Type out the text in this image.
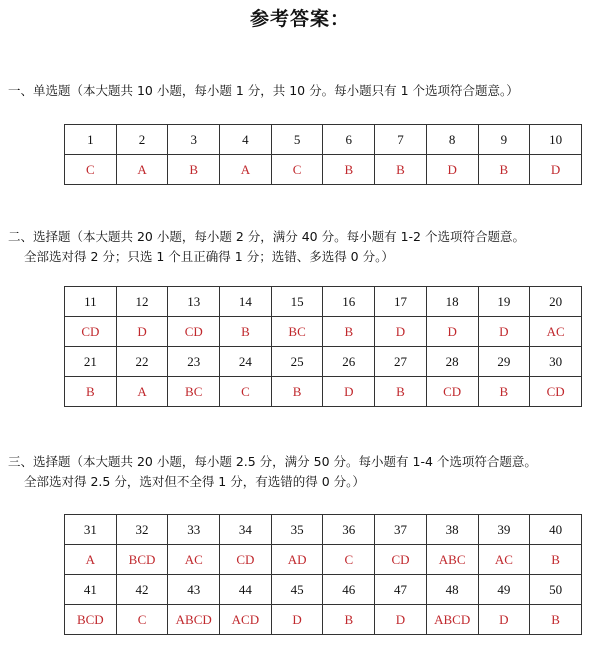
参考答案：
一、单选题（本大题共 10 小题，每小题 1 分，共 10 分。每小题只有 1 个选项符合题意。）
1	2	3	4	5	6	7	8	9	10
C	A	B	A	C	B	B	D	B	D
二、选择题（本大题共 20 小题，每小题 2 分，满分 40 分。每小题有 1-2 个选项符合题意。
全部选对得 2 分；只选 1 个且正确得 1 分；选错、多选得 0 分。）
11	12	13	14	15	16	17	18	19	20
CD	D	CD	B	BC	B	D	D	D	AC
21	22	23	24	25	26	27	28	29	30
B	A	BC	C	B	D	B	CD	B	CD
三、选择题（本大题共 20 小题，每小题 2.5 分，满分 50 分。每小题有 1-4 个选项符合题意。
全部选对得 2.5 分，选对但不全得 1 分，有选错的得 0 分。）
31	32	33	34	35	36	37	38	39	40
A	BCD	AC	CD	AD	C	CD	ABC	AC	B
41	42	43	44	45	46	47	48	49	50
BCD	C	ABCD	ACD	D	B	D	ABCD	D	B
